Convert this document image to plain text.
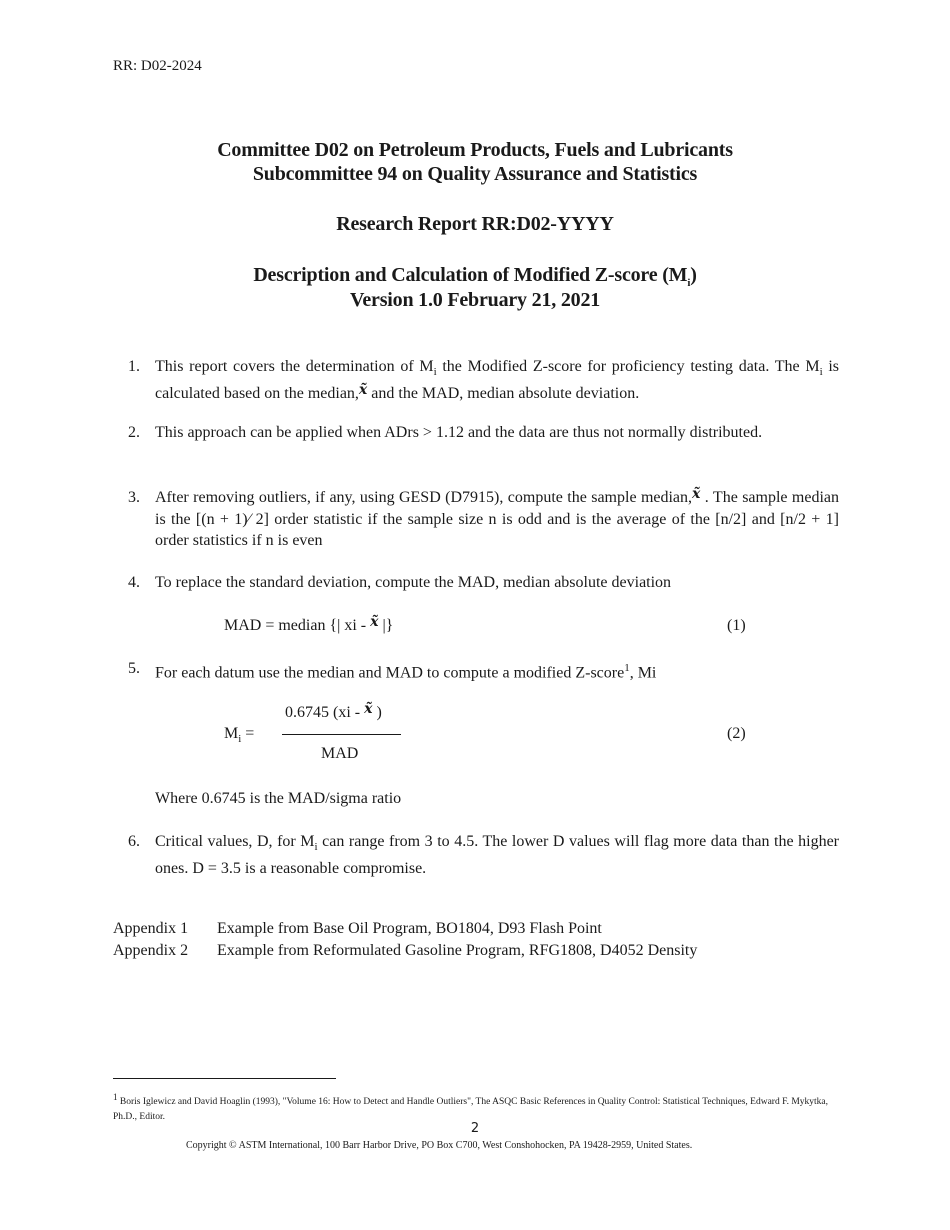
RR: D02-2024
Committee D02 on Petroleum Products, Fuels and Lubricants
Subcommittee 94 on Quality Assurance and Statistics
Research Report RR:D02-YYYY
Description and Calculation of Modified Z-score $(M_i)$
Version 1.0 February 21, 2021
1. This report covers the determination of $M_i$ the Modified Z-score for proficiency testing data. The $M_i$ is calculated based on the median,x̃ and the MAD, median absolute deviation.
2. This approach can be applied when ADrs > 1.12 and the data are thus not normally distributed.
3. After removing outliers, if any, using GESD (D7915), compute the sample median,x̃ . The sample median is the [(n + 1)∕ 2] order statistic if the sample size n is odd and is the average of the [n/2] and [n/2 + 1] order statistics if n is even
4. To replace the standard deviation, compute the MAD, median absolute deviation
MAD = median {| xi - x̃ |}	(1)
5. For each datum use the median and MAD to compute a modified Z-score$^1$, Mi
$M_i$ =
0.6745 (xi - x̃ )
MAD
(2)
Where 0.6745 is the MAD/sigma ratio
6. Critical values, D, for $M_i$ can range from 3 to 4.5. The lower D values will flag more data than the higher ones. D = 3.5 is a reasonable compromise.
Appendix 1 Example from Base Oil Program, BO1804, D93 Flash Point
Appendix 2 Example from Reformulated Gasoline Program, RFG1808, D4052 Density
$^1$ Boris Iglewicz and David Hoaglin (1993), "Volume 16: How to Detect and Handle Outliers", The ASQC Basic References in Quality Control: Statistical Techniques, Edward F. Mykytka, Ph.D., Editor.
2
Copyright © ASTM International, 100 Barr Harbor Drive, PO Box C700, West Conshohocken, PA 19428-2959, United States.
